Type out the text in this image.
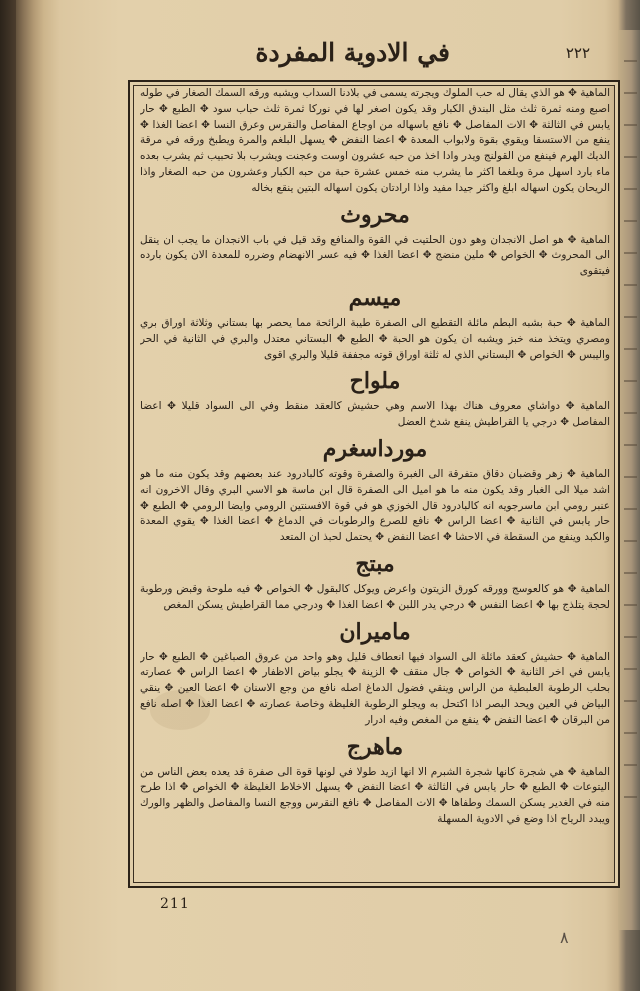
في الادوية المفردة	٢٢٢

الماهية ✥ هو الذي يقال له حب الملوك ويجرته يسمى في بلادنا السداب ويشبه ورقه السمك الصغار في طوله اصبع ومنه ثمرة ثلث مثل البندق الكبار وقد يكون اصغر لها في نوركا ثمرة ثلث حباب سود ✥ الطبع ✥ حار يابس في الثالثة ✥ الات المفاصل ✥ نافع باسهاله من اوجاع المفاصل والنقرس وعرق النسا ✥ اعضا الغذا ✥ ينفع من الاستسقا ويقوي بقوة ولابواب المعدة ✥ اعضا النفض ✥ يسهل البلغم والمرة ويطبخ ورقه في مرقة الديك الهرم فينفع من القولنج ويدر وادا اخذ من حبه عشرون اوست وعجنت ويشرب بلا تحبيب ثم يشرب بعده ماء بارد اسهل مرة وبلغما اكثر ما يشرب منه خمس عشرة حبة من حبه الكبار وعشرون من حبه الصغار واذا الريحان يكون اسهاله ابلغ واكثر جيدا مفيد واذا ارادتان يكون اسهاله البتين ينقع بخاله

محروث

الماهية ✥ هو اصل الانجدان وهو دون الحلتيت في القوة والمنافع وقد قيل في باب الانجدان ما يجب ان ينقل الى المحروث ✥ الخواص ✥ ملين منضج ✥ اعضا الغذا ✥ فيه عسر الانهضام وضرره للمعدة الان يكون بارده فيتقوى

ميسم

الماهية ✥ حبة بشبه البطم مائلة التقطيع الى الصفرة طيبة الرائحة مما يحصر بها بستاني وثلاثة اوراق بري ومصري ويتخذ منه خبز ويشبه ان يكون هو الحبة ✥ الطبع ✥ البستاني معتدل والبري في الثانية في الحر واليبس ✥ الخواص ✥ البستاني الذي له ثلثة اوراق قوته مجففة قليلا والبري اقوى

ملواح

الماهية ✥ دواشاي معروف هناك بهذا الاسم وهي حشيش كالعقد منقط وفي الى السواد قليلا ✥ اعضا المفاصل ✥ درجي يا القراطيش ينفع شدخ العضل

مورداسغرم

الماهية ✥ زهر وقضبان دقاق متفرقة الى الغبرة والصفرة وقوته كالبادرود عند بعضهم وقد يكون منه ما هو اشد ميلا الى الغبار وقد يكون منه ما هو اميل الى الصفرة قال ابن ماسة هو الاسي البري وقال الاخرون انه عنبر رومي ابن ماسرجويه انه كالبادرود قال الخوزي هو في قوة الافسنتين الرومي وايضا الرومي ✥ الطبع ✥ حار يابس في الثانية ✥ اعضا الراس ✥ نافع للصرع والرطوبات في الدماغ ✥ اعضا الغذا ✥ يقوي المعدة والكبد وينفع من السقطة في الاحشا ✥ اعضا النفض ✥ يحتمل لحبذ ان المتعد

مبتج

الماهية ✥ هو كالعوسج وورقه كورق الزيتون واعرض ويوكل كالبقول ✥ الخواص ✥ فيه ملوحة وقبض ورطوبة لحجة يتلذج بها ✥ اعضا النفس ✥ درجي يدر اللبن ✥ اعضا الغذا ✥ ودرجي مما القراطيش يسكن المغص

ماميران

الماهية ✥ حشيش كعقد مائلة الى السواد فيها انعطاف قليل وهو واحد من عروق الصباغين ✥ الطبع ✥ حار يابس في اخر الثانية ✥ الخواص ✥ جال منقف ✥ الزينة ✥ يجلو بياض الاظفار ✥ اعضا الراس ✥ عصارته بحلب الرطوبة العلبطية من الراس وينقي فضول الدماغ اصله نافع من وجع الاسنان ✥ اعضا العين ✥ ينقي البياض في العين ويحد البصر اذا اكتحل به ويجلو الرطوبة الغليظة وخاصة عصارته ✥ اعضا الغذا ✥ اصله نافع من البرقان ✥ اعضا النفض ✥ ينفع من المغص وفيه ادرار

ماهرج

الماهية ✥ هي شجرة كانها شجرة الشبرم الا انها ازيد طولا في لونها قوة الى صفرة قد يعده بعض الناس من اليتوعات ✥ الطبع ✥ حار يابس في الثالثة ✥ اعضا النفض ✥ يسهل الاخلاط الغليظة ✥ الخواص ✥ اذا طرح منه في الغدير يسكن السمك وطفاها ✥ الات المفاصل ✥ نافع النقرس ووجع النسا والمفاصل والظهر والورك ويبدد الرياح اذا وضع في الادوية المسهلة

211
٨
